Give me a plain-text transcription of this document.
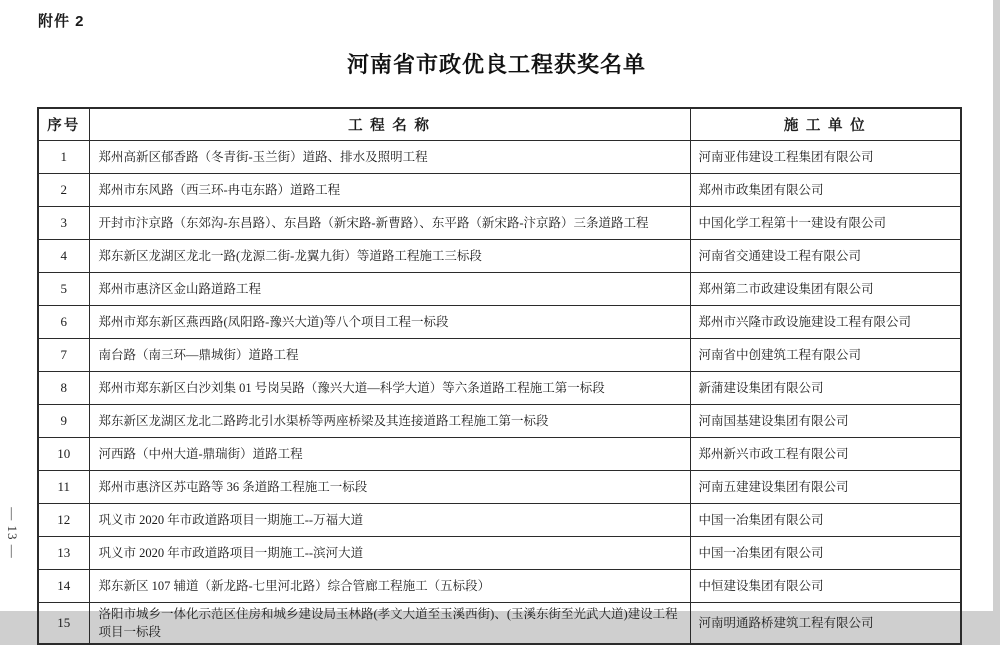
附件 2
河南省市政优良工程获奖名单
— 13 —
序号	工 程 名 称	施 工 单 位
1	郑州高新区郁香路（冬青街-玉兰街）道路、排水及照明工程	河南亚伟建设工程集团有限公司
2	郑州市东风路（西三环-冉屯东路）道路工程	郑州市政集团有限公司
3	开封市汴京路（东郊沟-东昌路）、东昌路（新宋路-新曹路）、东平路（新宋路-汴京路）三条道路工程	中国化学工程第十一建设有限公司
4	郑东新区龙湖区龙北一路(龙源二街-龙翼九街）等道路工程施工三标段	河南省交通建设工程有限公司
5	郑州市惠济区金山路道路工程	郑州第二市政建设集团有限公司
6	郑州市郑东新区燕西路(凤阳路-豫兴大道)等八个项目工程一标段	郑州市兴隆市政设施建设工程有限公司
7	南台路（南三环—鼎城街）道路工程	河南省中创建筑工程有限公司
8	郑州市郑东新区白沙刘集 01 号岗吴路（豫兴大道—科学大道）等六条道路工程施工第一标段	新蒲建设集团有限公司
9	郑东新区龙湖区龙北二路跨北引水渠桥等两座桥梁及其连接道路工程施工第一标段	河南国基建设集团有限公司
10	河西路（中州大道-鼎瑞街）道路工程	郑州新兴市政工程有限公司
11	郑州市惠济区苏屯路等 36 条道路工程施工一标段	河南五建建设集团有限公司
12	巩义市 2020 年市政道路项目一期施工--万福大道	中国一冶集团有限公司
13	巩义市 2020 年市政道路项目一期施工--滨河大道	中国一冶集团有限公司
14	郑东新区 107 辅道（新龙路-七里河北路）综合管廊工程施工（五标段）	中恒建设集团有限公司
15	洛阳市城乡一体化示范区住房和城乡建设局玉林路(孝文大道至玉溪西街)、(玉溪东街至光武大道)建设工程项目一标段	河南明通路桥建筑工程有限公司
